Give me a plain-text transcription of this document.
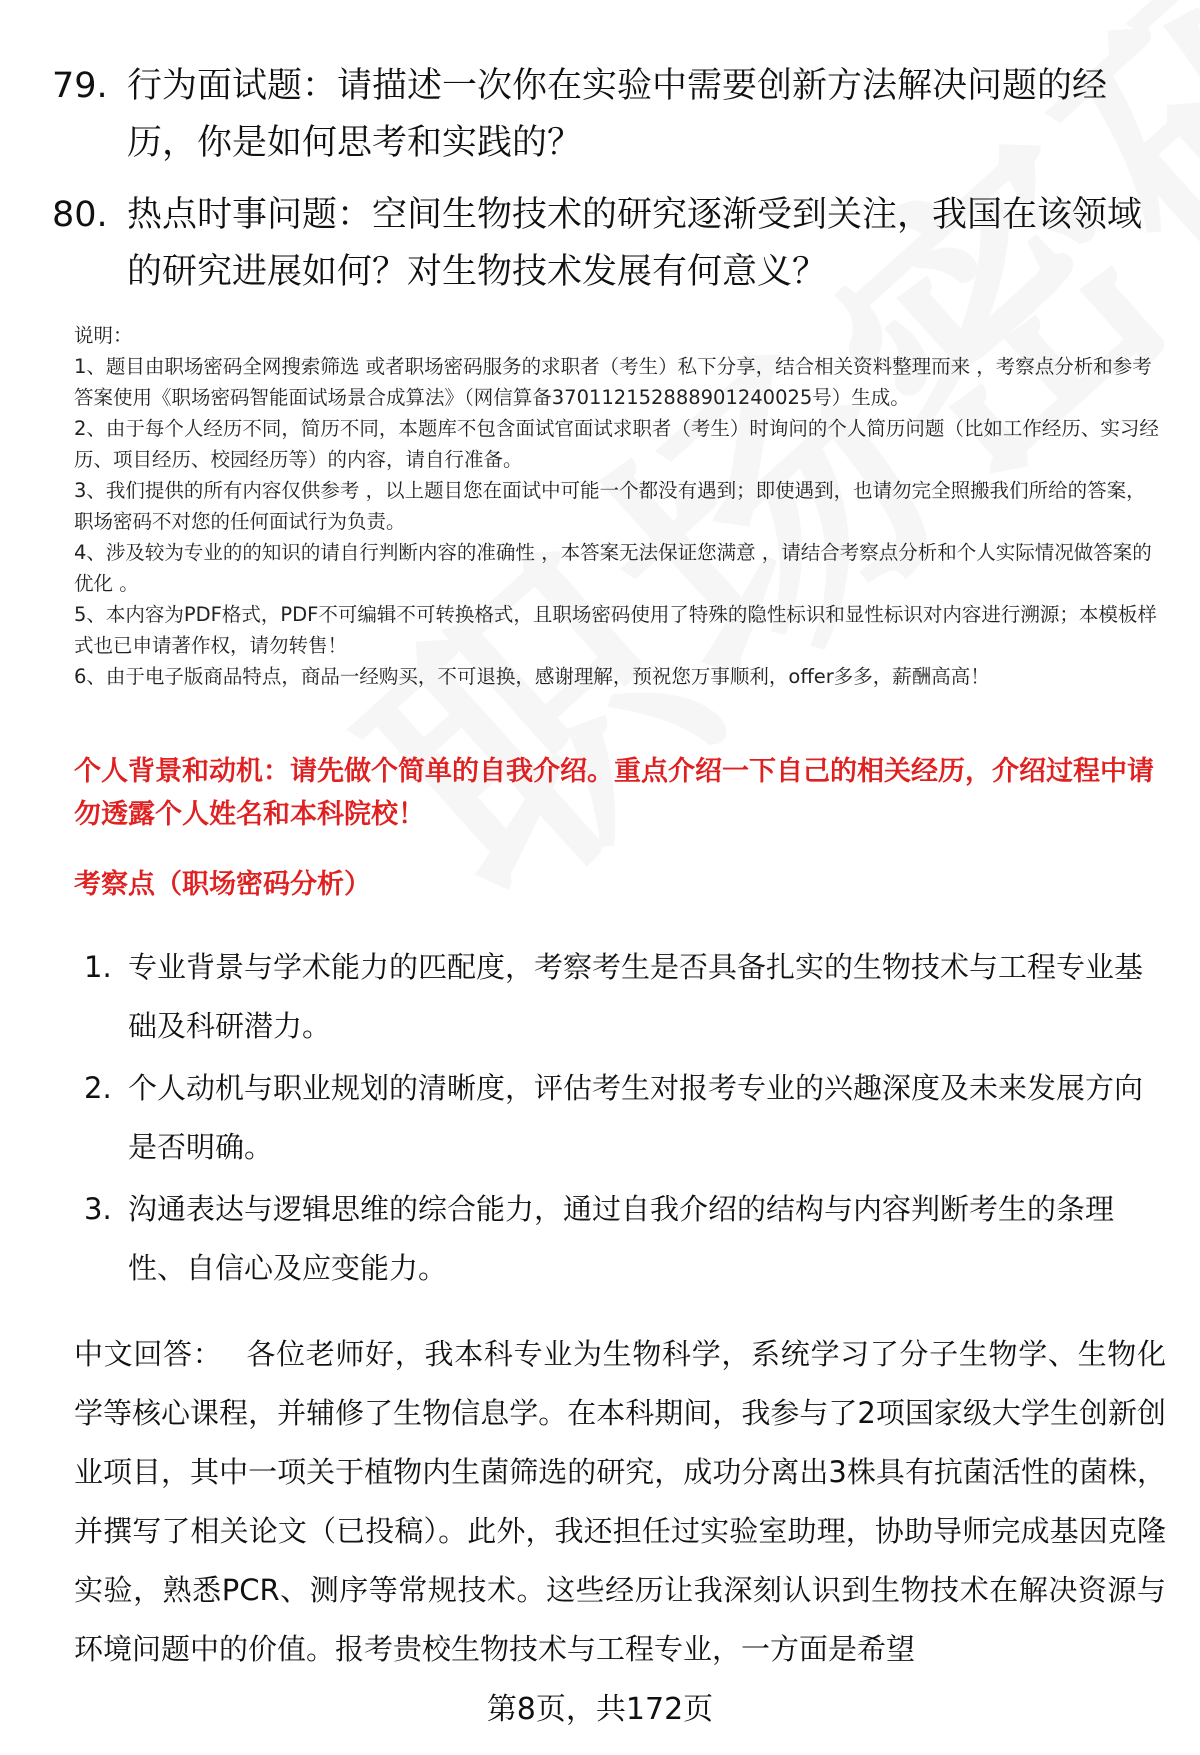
79. 行为面试题：请描述一次你在实验中需要创新方法解决问题的经历，你是如何思考和实践的？
80. 热点时事问题：空间生物技术的研究逐渐受到关注，我国在该领域的研究进展如何？对生物技术发展有何意义？

说明：

1、题目由职场密码全网搜索筛选 或者职场密码服务的求职者（考生）私下分享，结合相关资料整理而来 ，考察点分析和参考答案使用《职场密码智能面试场景合成算法》（网信算备370112152888901240025号）生成。

2、由于每个人经历不同，简历不同，本题库不包含面试官面试求职者（考生）时询问的个人简历问题（比如工作经历、实习经历、项目经历、校园经历等）的内容，请自行准备。

3、我们提供的所有内容仅供参考 ，以上题目您在面试中可能一个都没有遇到；即使遇到，也请勿完全照搬我们所给的答案，职场密码不对您的任何面试行为负责。

4、涉及较为专业的的知识的请自行判断内容的准确性 ，本答案无法保证您满意 ，请结合考察点分析和个人实际情况做答案的优化 。

5、本内容为PDF格式，PDF不可编辑不可转换格式，且职场密码使用了特殊的隐性标识和显性标识对内容进行溯源；本模板样式也已申请著作权，请勿转售！

6、由于电子版商品特点，商品一经购买，不可退换，感谢理解，预祝您万事顺利，offer多多，薪酬高高！

个人背景和动机：请先做个简单的自我介绍。重点介绍一下自己的相关经历，介绍过程中请勿透露个人姓名和本科院校！
考察点（职场密码分析）
1. 专业背景与学术能力的匹配度，考察考生是否具备扎实的生物技术与工程专业基础及科研潜力。
2. 个人动机与职业规划的清晰度，评估考生对报考专业的兴趣深度及未来发展方向是否明确。
3. 沟通表达与逻辑思维的综合能力，通过自我介绍的结构与内容判断考生的条理性、自信心及应变能力。
中文回答： 各位老师好，我本科专业为生物科学，系统学习了分子生物学、生物化学等核心课程，并辅修了生物信息学。在本科期间，我参与了2项国家级大学生创新创业项目，其中一项关于植物内生菌筛选的研究，成功分离出3株具有抗菌活性的菌株，并撰写了相关论文（已投稿）。此外，我还担任过实验室助理，协助导师完成基因克隆实验，熟悉PCR、测序等常规技术。这些经历让我深刻认识到生物技术在解决资源与环境问题中的价值。报考贵校生物技术与工程专业，一方面是希望
第8页，共172页
